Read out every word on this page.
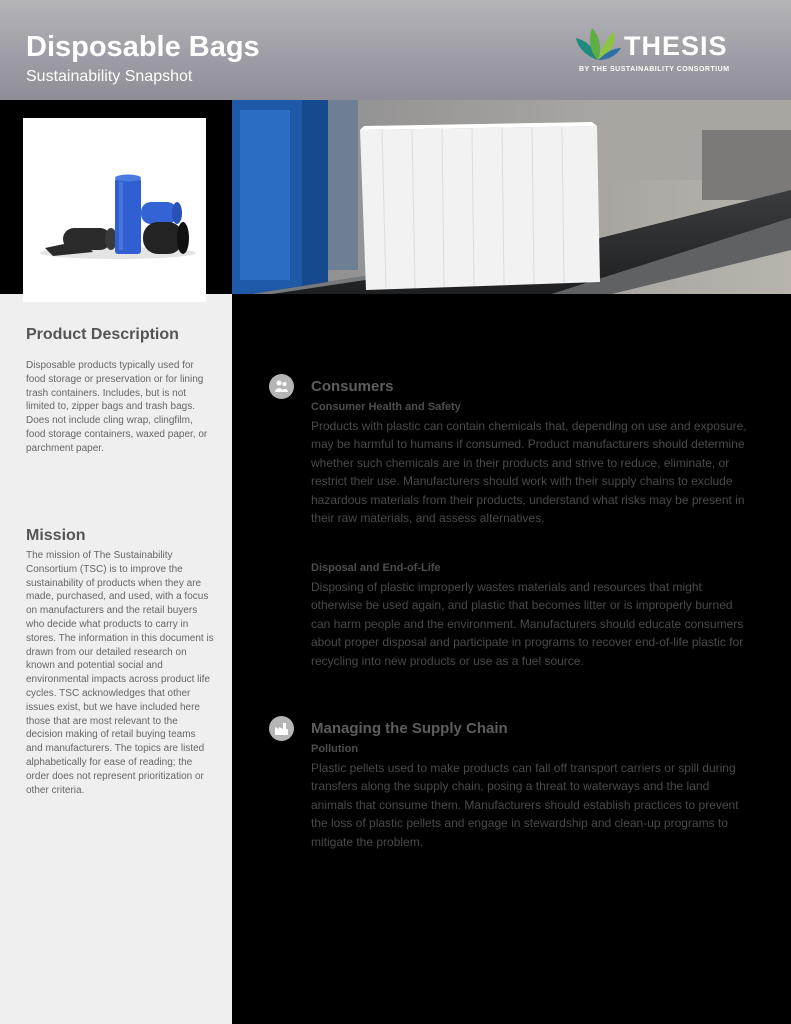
Disposable Bags
Sustainability Snapshot
THESIS
BY THE SUSTAINABILITY CONSORTIUM
Product Description
Disposable products typically used for food storage or preservation or for lining trash containers. Includes, but is not limited to, zipper bags and trash bags. Does not include cling wrap, clingfilm, food storage containers, waxed paper, or parchment paper.
Mission
The mission of The Sustainability Consortium (TSC) is to improve the sustainability of products when they are made, purchased, and used, with a focus on manufacturers and the retail buyers who decide what products to carry in stores. The information in this document is drawn from our detailed research on known and potential social and environmental impacts across product life cycles. TSC acknowledges that other issues exist, but we have included here those that are most relevant to the decision making of retail buying teams and manufacturers. The topics are listed alphabetically for ease of reading; the order does not represent prioritization or other criteria.
Consumers
Consumer Health and Safety
Products with plastic can contain chemicals that, depending on use and exposure, may be harmful to humans if consumed. Product manufacturers should determine whether such chemicals are in their products and strive to reduce, eliminate, or restrict their use. Manufacturers should work with their supply chains to exclude hazardous materials from their products, understand what risks may be present in their raw materials, and assess alternatives.
Disposal and End-of-Life
Disposing of plastic improperly wastes materials and resources that might otherwise be used again, and plastic that becomes litter or is improperly burned can harm people and the environment. Manufacturers should educate consumers about proper disposal and participate in programs to recover end-of-life plastic for recycling into new products or use as a fuel source.
Managing the Supply Chain
Pollution
Plastic pellets used to make products can fall off transport carriers or spill during transfers along the supply chain, posing a threat to waterways and the land animals that consume them. Manufacturers should establish practices to prevent the loss of plastic pellets and engage in stewardship and clean-up programs to mitigate the problem.
